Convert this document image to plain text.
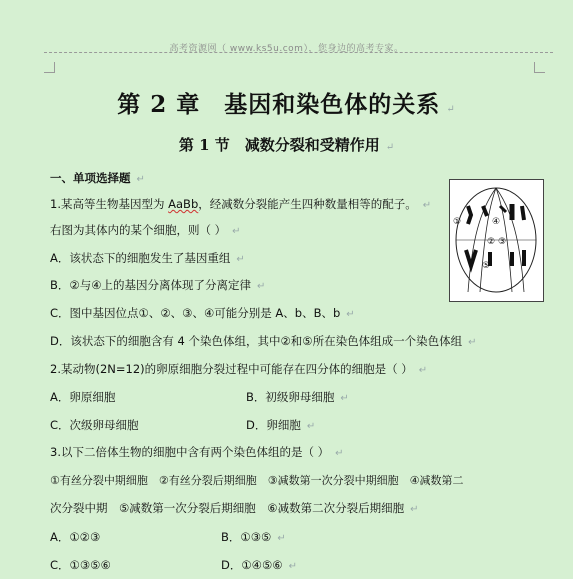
高考资源网（ www.ks5u.com），您身边的高考专家。
第 2 章　基因和染色体的关系 ↵
第 1 节　减数分裂和受精作用 ↵
一、单项选择题 ↵
1.某高等生物基因型为 AaBb，经减数分裂能产生四种数量相等的配子。 ↵
右图为其体内的某个细胞，则（ ） ↵
A．该状态下的细胞发生了基因重组 ↵
B．②与④上的基因分离体现了分离定律 ↵
C．图中基因位点①、②、③、④可能分别是 A、b、B、b ↵
D．该状态下的细胞含有 4 个染色体组，其中②和⑤所在染色体组成一个染色体组 ↵
①
② ③
④
⑤
2.某动物(2N=12)的卵原细胞分裂过程中可能存在四分体的细胞是（ ） ↵
A．卵原细胞	B．初级卵母细胞 ↵
C．次级卵母细胞	D．卵细胞 ↵
3.以下二倍体生物的细胞中含有两个染色体组的是（ ） ↵
①有丝分裂中期细胞　②有丝分裂后期细胞　③减数第一次分裂中期细胞　④减数第二
次分裂中期　⑤减数第一次分裂后期细胞　⑥减数第二次分裂后期细胞 ↵
A．①②③	B．①③⑤ ↵
C．①③⑤⑥	D．①④⑤⑥ ↵
